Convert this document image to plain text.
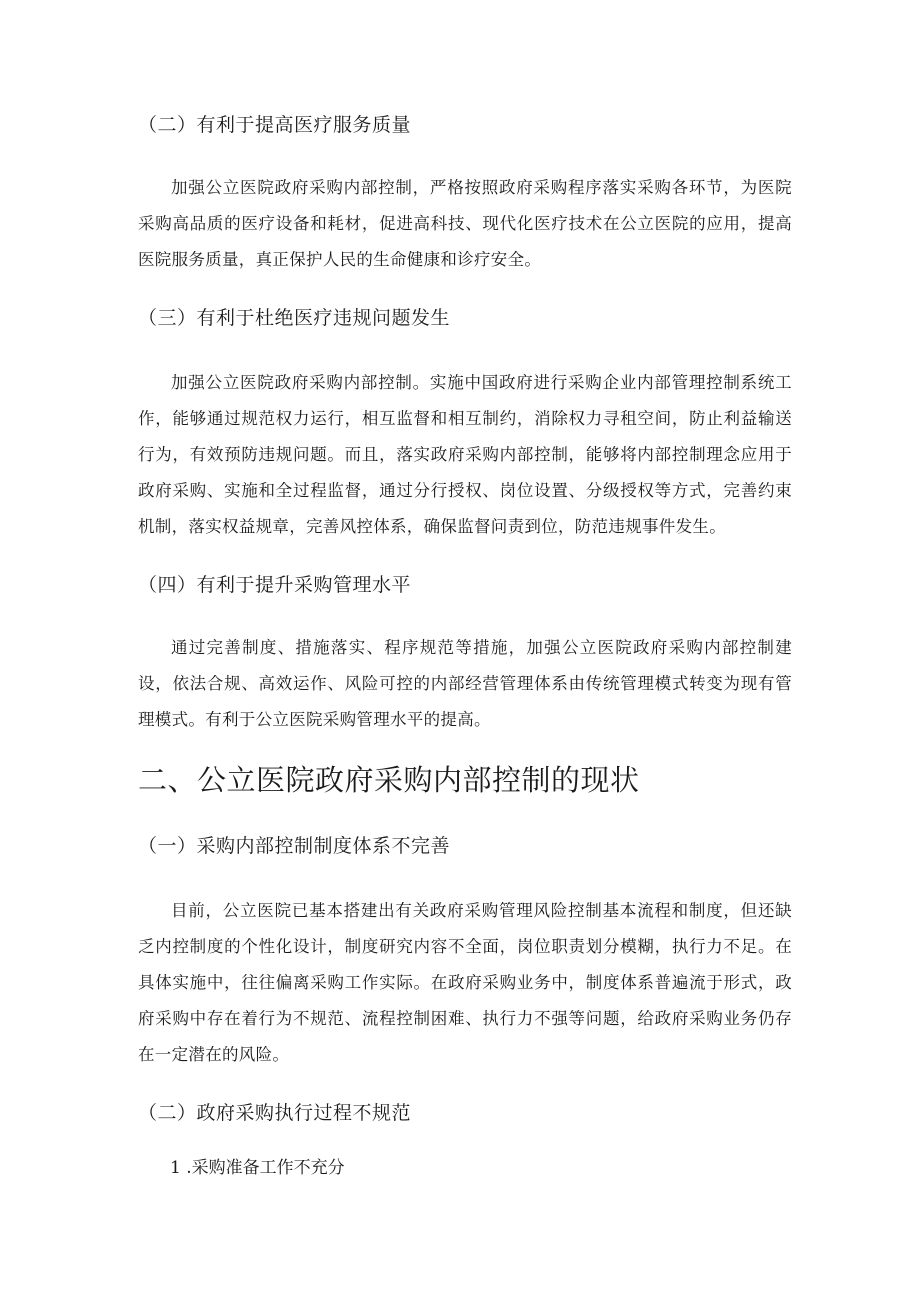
（二）有利于提高医疗服务质量

加强公立医院政府采购内部控制，严格按照政府采购程序落实采购各环节，为医院采购高品质的医疗设备和耗材，促进高科技、现代化医疗技术在公立医院的应用，提高医院服务质量，真正保护人民的生命健康和诊疗安全。

（三）有利于杜绝医疗违规问题发生

加强公立医院政府采购内部控制。实施中国政府进行采购企业内部管理控制系统工作，能够通过规范权力运行，相互监督和相互制约，消除权力寻租空间，防止利益输送行为，有效预防违规问题。而且，落实政府采购内部控制，能够将内部控制理念应用于政府采购、实施和全过程监督，通过分行授权、岗位设置、分级授权等方式，完善约束机制，落实权益规章，完善风控体系，确保监督问责到位，防范违规事件发生。

（四）有利于提升采购管理水平

通过完善制度、措施落实、程序规范等措施，加强公立医院政府采购内部控制建设，依法合规、高效运作、风险可控的内部经营管理体系由传统管理模式转变为现有管理模式。有利于公立医院采购管理水平的提高。

二、公立医院政府采购内部控制的现状
（一）采购内部控制制度体系不完善

目前，公立医院已基本搭建出有关政府采购管理风险控制基本流程和制度，但还缺乏内控制度的个性化设计，制度研究内容不全面，岗位职责划分模糊，执行力不足。在具体实施中，往往偏离采购工作实际。在政府采购业务中，制度体系普遍流于形式，政府采购中存在着行为不规范、流程控制困难、执行力不强等问题，给政府采购业务仍存在一定潜在的风险。

（二）政府采购执行过程不规范
1 .采购准备工作不充分
